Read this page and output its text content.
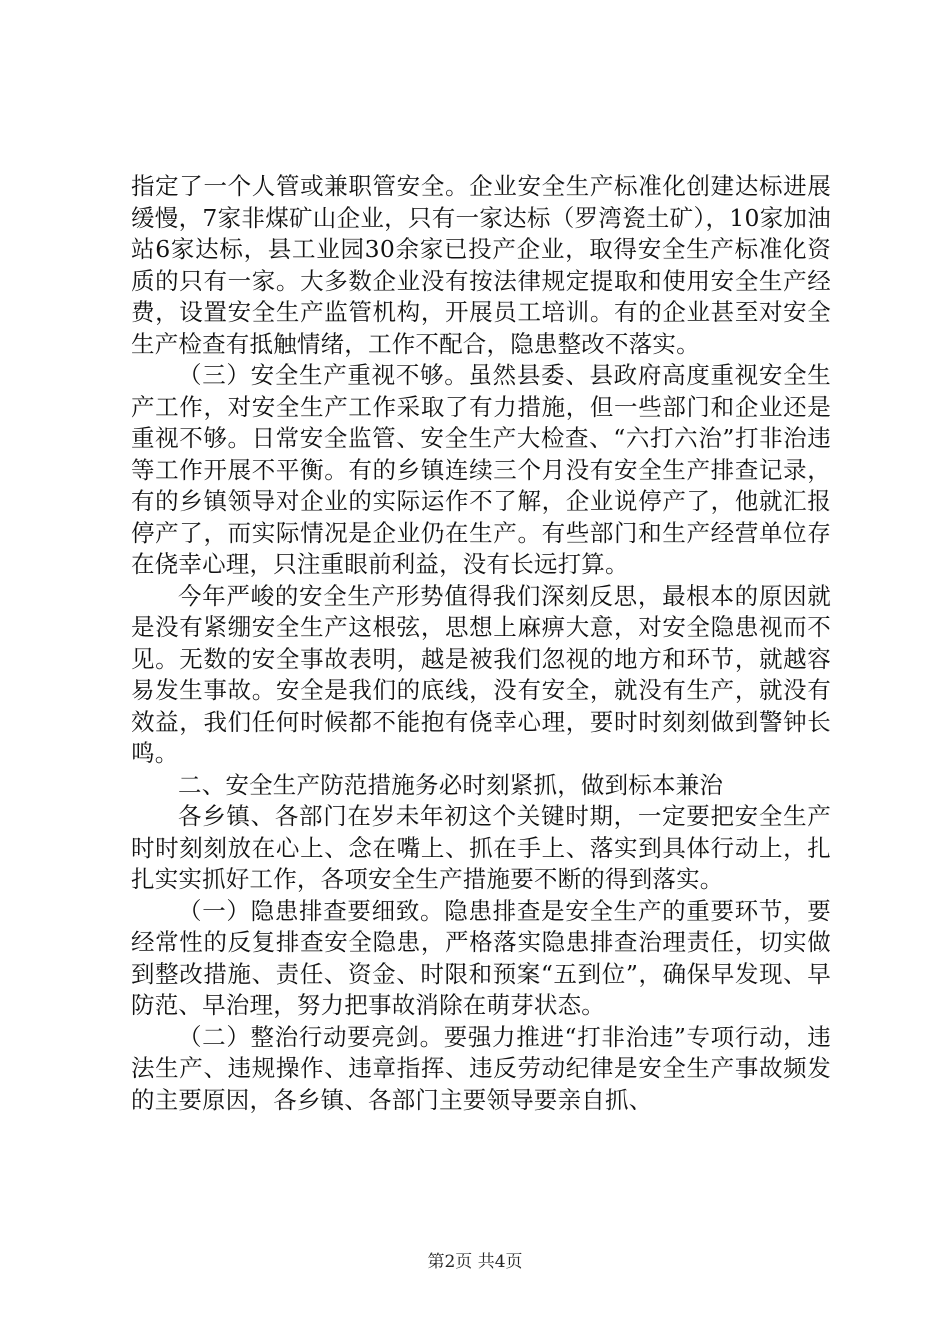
指定了一个人管或兼职管安全。企业安全生产标准化创建达标进展缓慢，7家非煤矿山企业，只有一家达标（罗湾瓷土矿），10家加油站6家达标，县工业园30余家已投产企业，取得安全生产标准化资质的只有一家。大多数企业没有按法律规定提取和使用安全生产经费，设置安全生产监管机构，开展员工培训。有的企业甚至对安全生产检查有抵触情绪，工作不配合，隐患整改不落实。

（三）安全生产重视不够。虽然县委、县政府高度重视安全生产工作，对安全生产工作采取了有力措施，但一些部门和企业还是重视不够。日常安全监管、安全生产大检查、“六打六治”打非治违等工作开展不平衡。有的乡镇连续三个月没有安全生产排查记录，有的乡镇领导对企业的实际运作不了解，企业说停产了，他就汇报停产了，而实际情况是企业仍在生产。有些部门和生产经营单位存在侥幸心理，只注重眼前利益，没有长远打算。

今年严峻的安全生产形势值得我们深刻反思，最根本的原因就是没有紧绷安全生产这根弦，思想上麻痹大意，对安全隐患视而不见。无数的安全事故表明，越是被我们忽视的地方和环节，就越容易发生事故。安全是我们的底线，没有安全，就没有生产，就没有效益，我们任何时候都不能抱有侥幸心理，要时时刻刻做到警钟长鸣。

二、安全生产防范措施务必时刻紧抓，做到标本兼治

各乡镇、各部门在岁未年初这个关键时期，一定要把安全生产时时刻刻放在心上、念在嘴上、抓在手上、落实到具体行动上，扎扎实实抓好工作，各项安全生产措施要不断的得到落实。

（一）隐患排查要细致。隐患排查是安全生产的重要环节，要经常性的反复排查安全隐患，严格落实隐患排查治理责任，切实做到整改措施、责任、资金、时限和预案“五到位”，确保早发现、早防范、早治理，努力把事故消除在萌芽状态。

（二）整治行动要亮剑。要强力推进“打非治违”专项行动，违法生产、违规操作、违章指挥、违反劳动纪律是安全生产事故频发的主要原因，各乡镇、各部门主要领导要亲自抓、

第2页 共4页
